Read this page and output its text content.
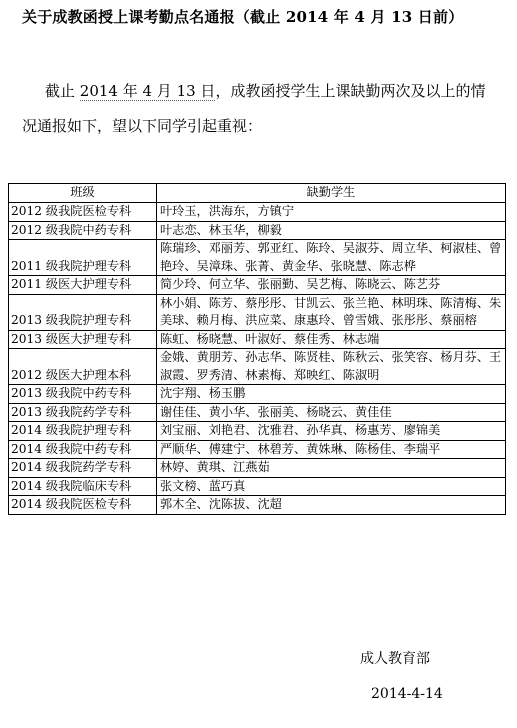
关于成教函授上课考勤点名通报（截止 2014 年 4 月 13 日前）
截止 2014 年 4 月 13 日，成教函授学生上课缺勤两次及以上的情
况通报如下，望以下同学引起重视：
班级	缺勤学生
2012 级我院医检专科	叶玲玉，洪海东，方镇宁
2012 级我院中药专科	叶志恋、林玉华，柳毅
2011 级我院护理专科	陈瑞珍、邓丽芳、郭亚红、陈玲、吴淑芬、周立华、柯淑桂、曾艳玲、吴漳珠、张菁、黄金华、张晓慧、陈志桦
2011 级医大护理专科	简少玲、何立华、张丽勤、吴艺梅、陈晓云、陈艺芬
2013 级我院护理专科	林小娟、陈芳、蔡彤彤、甘凯云、张兰艳、林明珠、陈清梅、朱美球、赖月梅、洪应菜、康惠玲、曾雪娥、张彤彤、蔡丽榕
2013 级医大护理专科	陈虹、杨晓慧、叶淑好、蔡佳秀、林志端
2012 级医大护理本科	金娥、黄朋芳、孙志华、陈贤桂、陈秋云、张笑容、杨月芬、王淑霞、罗秀清、林素梅、郑映红、陈淑明
2013 级我院中药专科	沈宇翔、杨玉鹏
2013 级我院药学专科	谢佳佳、黄小华、张丽美、杨晓云、黄佳佳
2014 级我院护理专科	刘宝丽、刘艳君、沈雅君、孙华真、杨惠芳、廖锦美
2014 级我院中药专科	严顺华、傅建宁、林碧芳、黄姝琳、陈杨佳、李瑞平
2014 级我院药学专科	林婷、黄琪、江燕茹
2014 级我院临床专科	张文榜、蓝巧真
2014 级我院医检专科	郭木全、沈陈拔、沈超
成人教育部
2014-4-14
